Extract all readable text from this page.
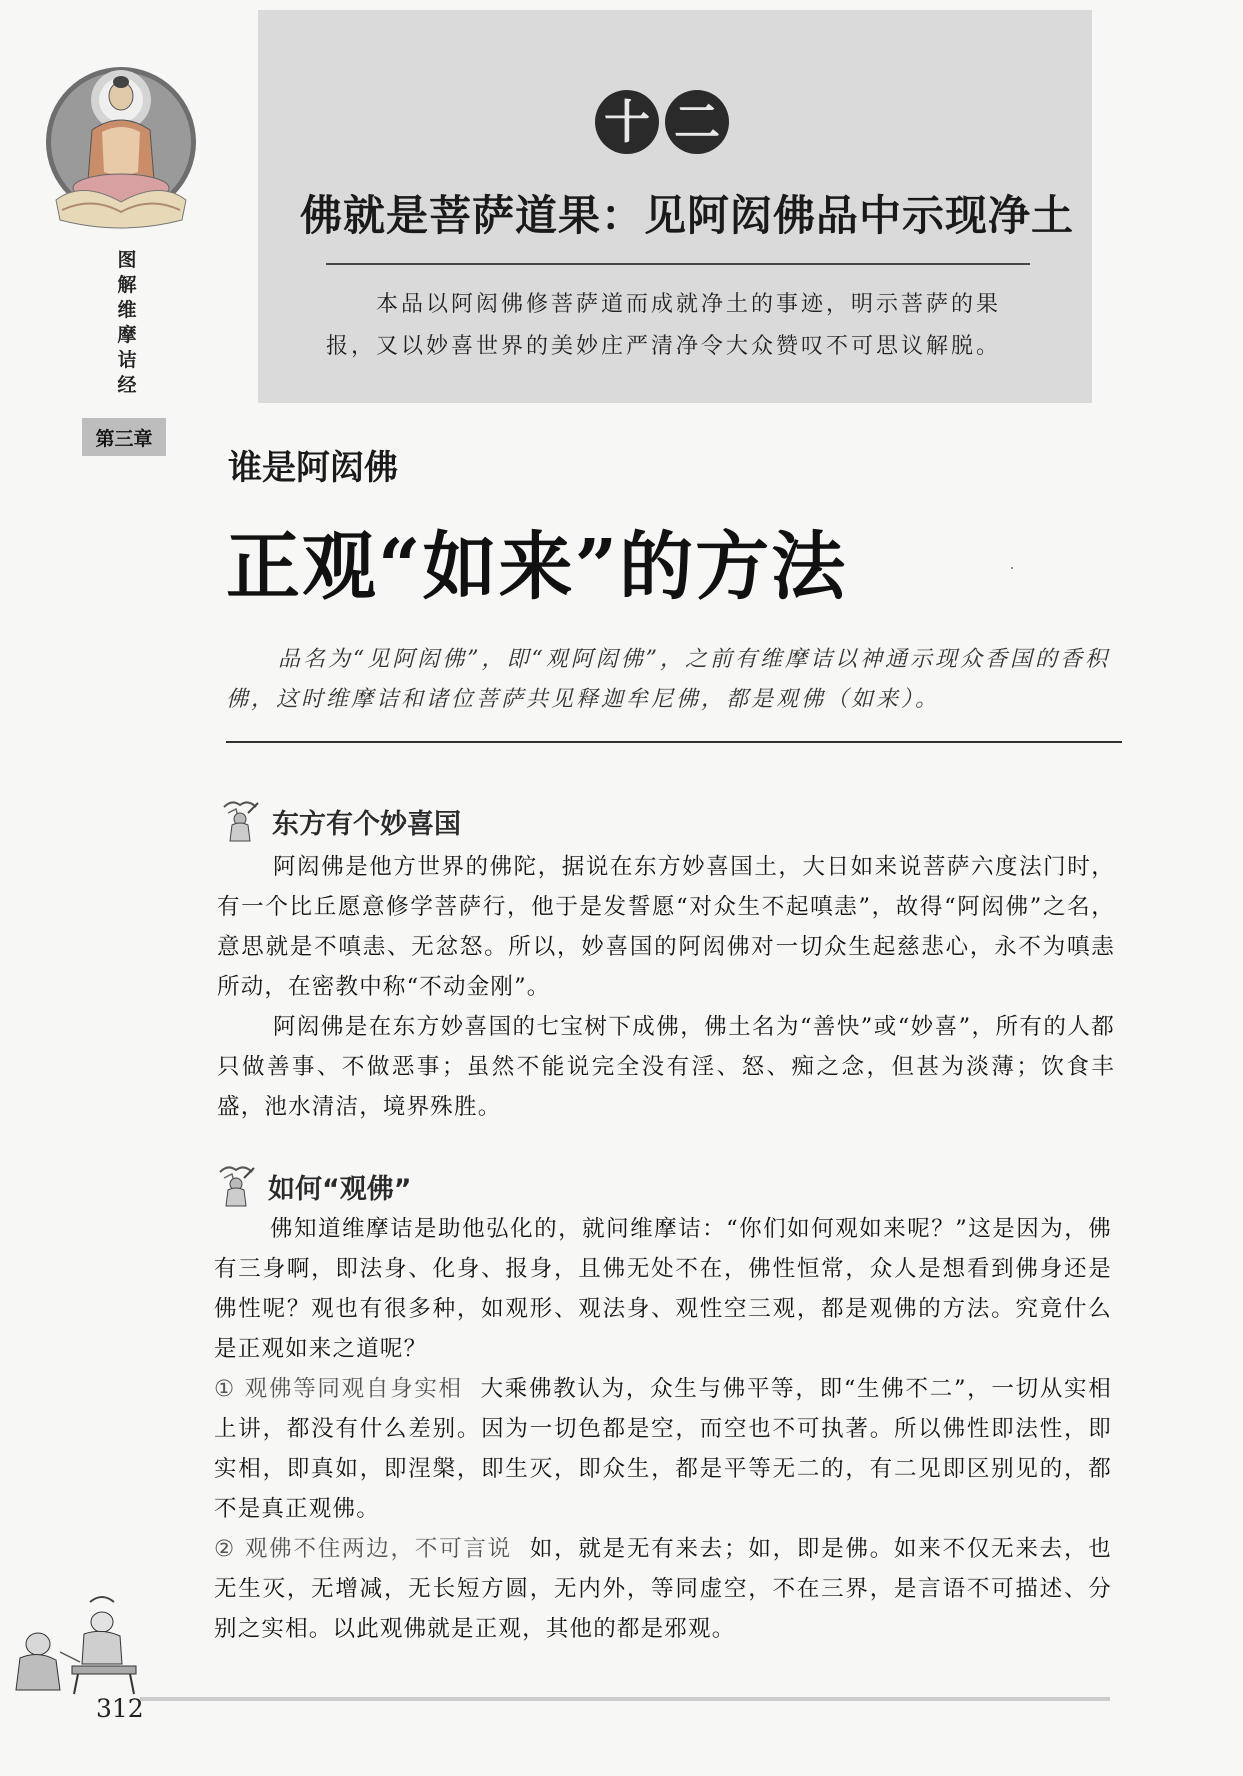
图
解
维
摩
诘
经
第三章
十 二
佛就是菩萨道果：见阿闳佛品中示现净土
本品以阿闳佛修菩萨道而成就净土的事迹，明示菩萨的果报，又以妙喜世界的美妙庄严清净令大众赞叹不可思议解脱。
谁是阿闳佛
正观“如来”的方法
品名为“见阿闳佛”，即“观阿闳佛”，之前有维摩诘以神通示现众香国的香积佛，这时维摩诘和诸位菩萨共见释迦牟尼佛，都是观佛（如来）。
东方有个妙喜国

阿闳佛是他方世界的佛陀，据说在东方妙喜国土，大日如来说菩萨六度法门时，有一个比丘愿意修学菩萨行，他于是发誓愿“对众生不起嗔恚”，故得“阿闳佛”之名，意思就是不嗔恚、无忿怒。所以，妙喜国的阿闳佛对一切众生起慈悲心，永不为嗔恚所动，在密教中称“不动金刚”。

阿闳佛是在东方妙喜国的七宝树下成佛，佛土名为“善快”或“妙喜”，所有的人都只做善事、不做恶事；虽然不能说完全没有淫、怒、痴之念，但甚为淡薄；饮食丰盛，池水清洁，境界殊胜。

如何“观佛”

佛知道维摩诘是助他弘化的，就问维摩诘：“你们如何观如来呢？”这是因为，佛有三身啊，即法身、化身、报身，且佛无处不在，佛性恒常，众人是想看到佛身还是佛性呢？观也有很多种，如观形、观法身、观性空三观，都是观佛的方法。究竟什么是正观如来之道呢？

① 观佛等同观自身实相 大乘佛教认为，众生与佛平等，即“生佛不二”，一切从实相上讲，都没有什么差别。因为一切色都是空，而空也不可执著。所以佛性即法性，即实相，即真如，即涅槃，即生灭，即众生，都是平等无二的，有二见即区别见的，都不是真正观佛。

② 观佛不住两边，不可言说 如，就是无有来去；如，即是佛。如来不仅无来去，也无生灭，无增减，无长短方圆，无内外，等同虚空，不在三界，是言语不可描述、分别之实相。以此观佛就是正观，其他的都是邪观。

312
